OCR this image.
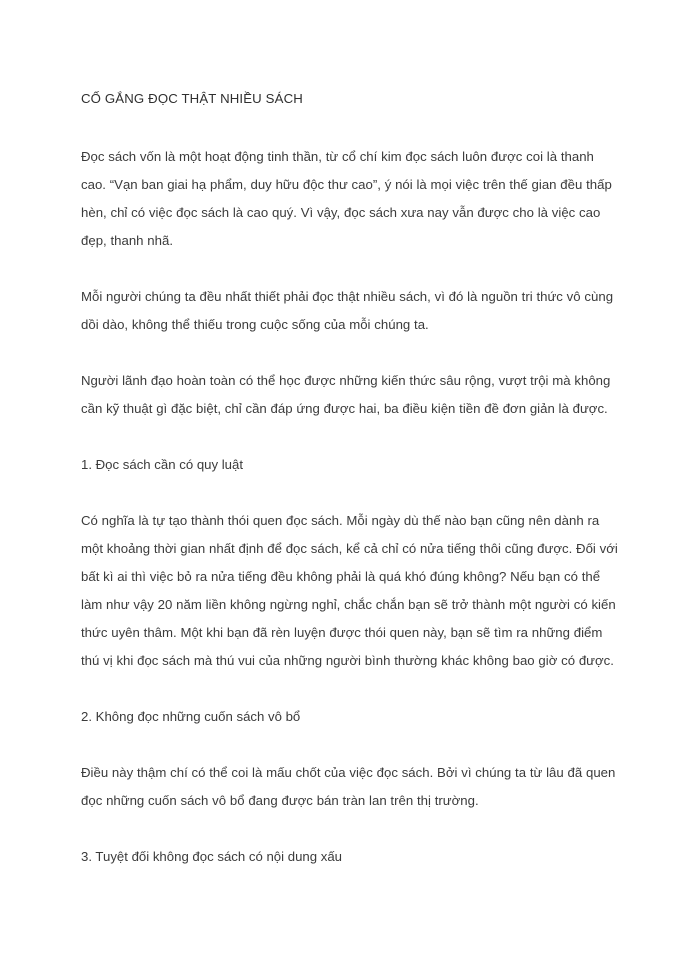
CỐ GẮNG ĐỌC THẬT NHIỀU SÁCH

Đọc sách vốn là một hoạt động tinh thần, từ cổ chí kim đọc sách luôn được coi là thanh cao. “Vạn ban giai hạ phẩm, duy hữu độc thư cao”, ý nói là mọi việc trên thế gian đều thấp hèn, chỉ có việc đọc sách là cao quý. Vì vậy, đọc sách xưa nay vẫn được cho là việc cao đẹp, thanh nhã.

Mỗi người chúng ta đều nhất thiết phải đọc thật nhiều sách, vì đó là nguồn tri thức vô cùng dồi dào, không thể thiếu trong cuộc sống của mỗi chúng ta.

Người lãnh đạo hoàn toàn có thể học được những kiến thức sâu rộng, vượt trội mà không cần kỹ thuật gì đặc biệt, chỉ cần đáp ứng được hai, ba điều kiện tiền đề đơn giản là được.

1. Đọc sách cần có quy luật

Có nghĩa là tự tạo thành thói quen đọc sách. Mỗi ngày dù thế nào bạn cũng nên dành ra một khoảng thời gian nhất định để đọc sách, kể cả chỉ có nửa tiếng thôi cũng được. Đối với bất kì ai thì việc bỏ ra nửa tiếng đều không phải là quá khó đúng không? Nếu bạn có thể làm như vậy 20 năm liền không ngừng nghỉ, chắc chắn bạn sẽ trở thành một người có kiến thức uyên thâm. Một khi bạn đã rèn luyện được thói quen này, bạn sẽ tìm ra những điểm thú vị khi đọc sách mà thú vui của những người bình thường khác không bao giờ có được.

2. Không đọc những cuốn sách vô bổ

Điều này thậm chí có thể coi là mấu chốt của việc đọc sách. Bởi vì chúng ta từ lâu đã quen đọc những cuốn sách vô bổ đang được bán tràn lan trên thị trường.

3. Tuyệt đối không đọc sách có nội dung xấu
